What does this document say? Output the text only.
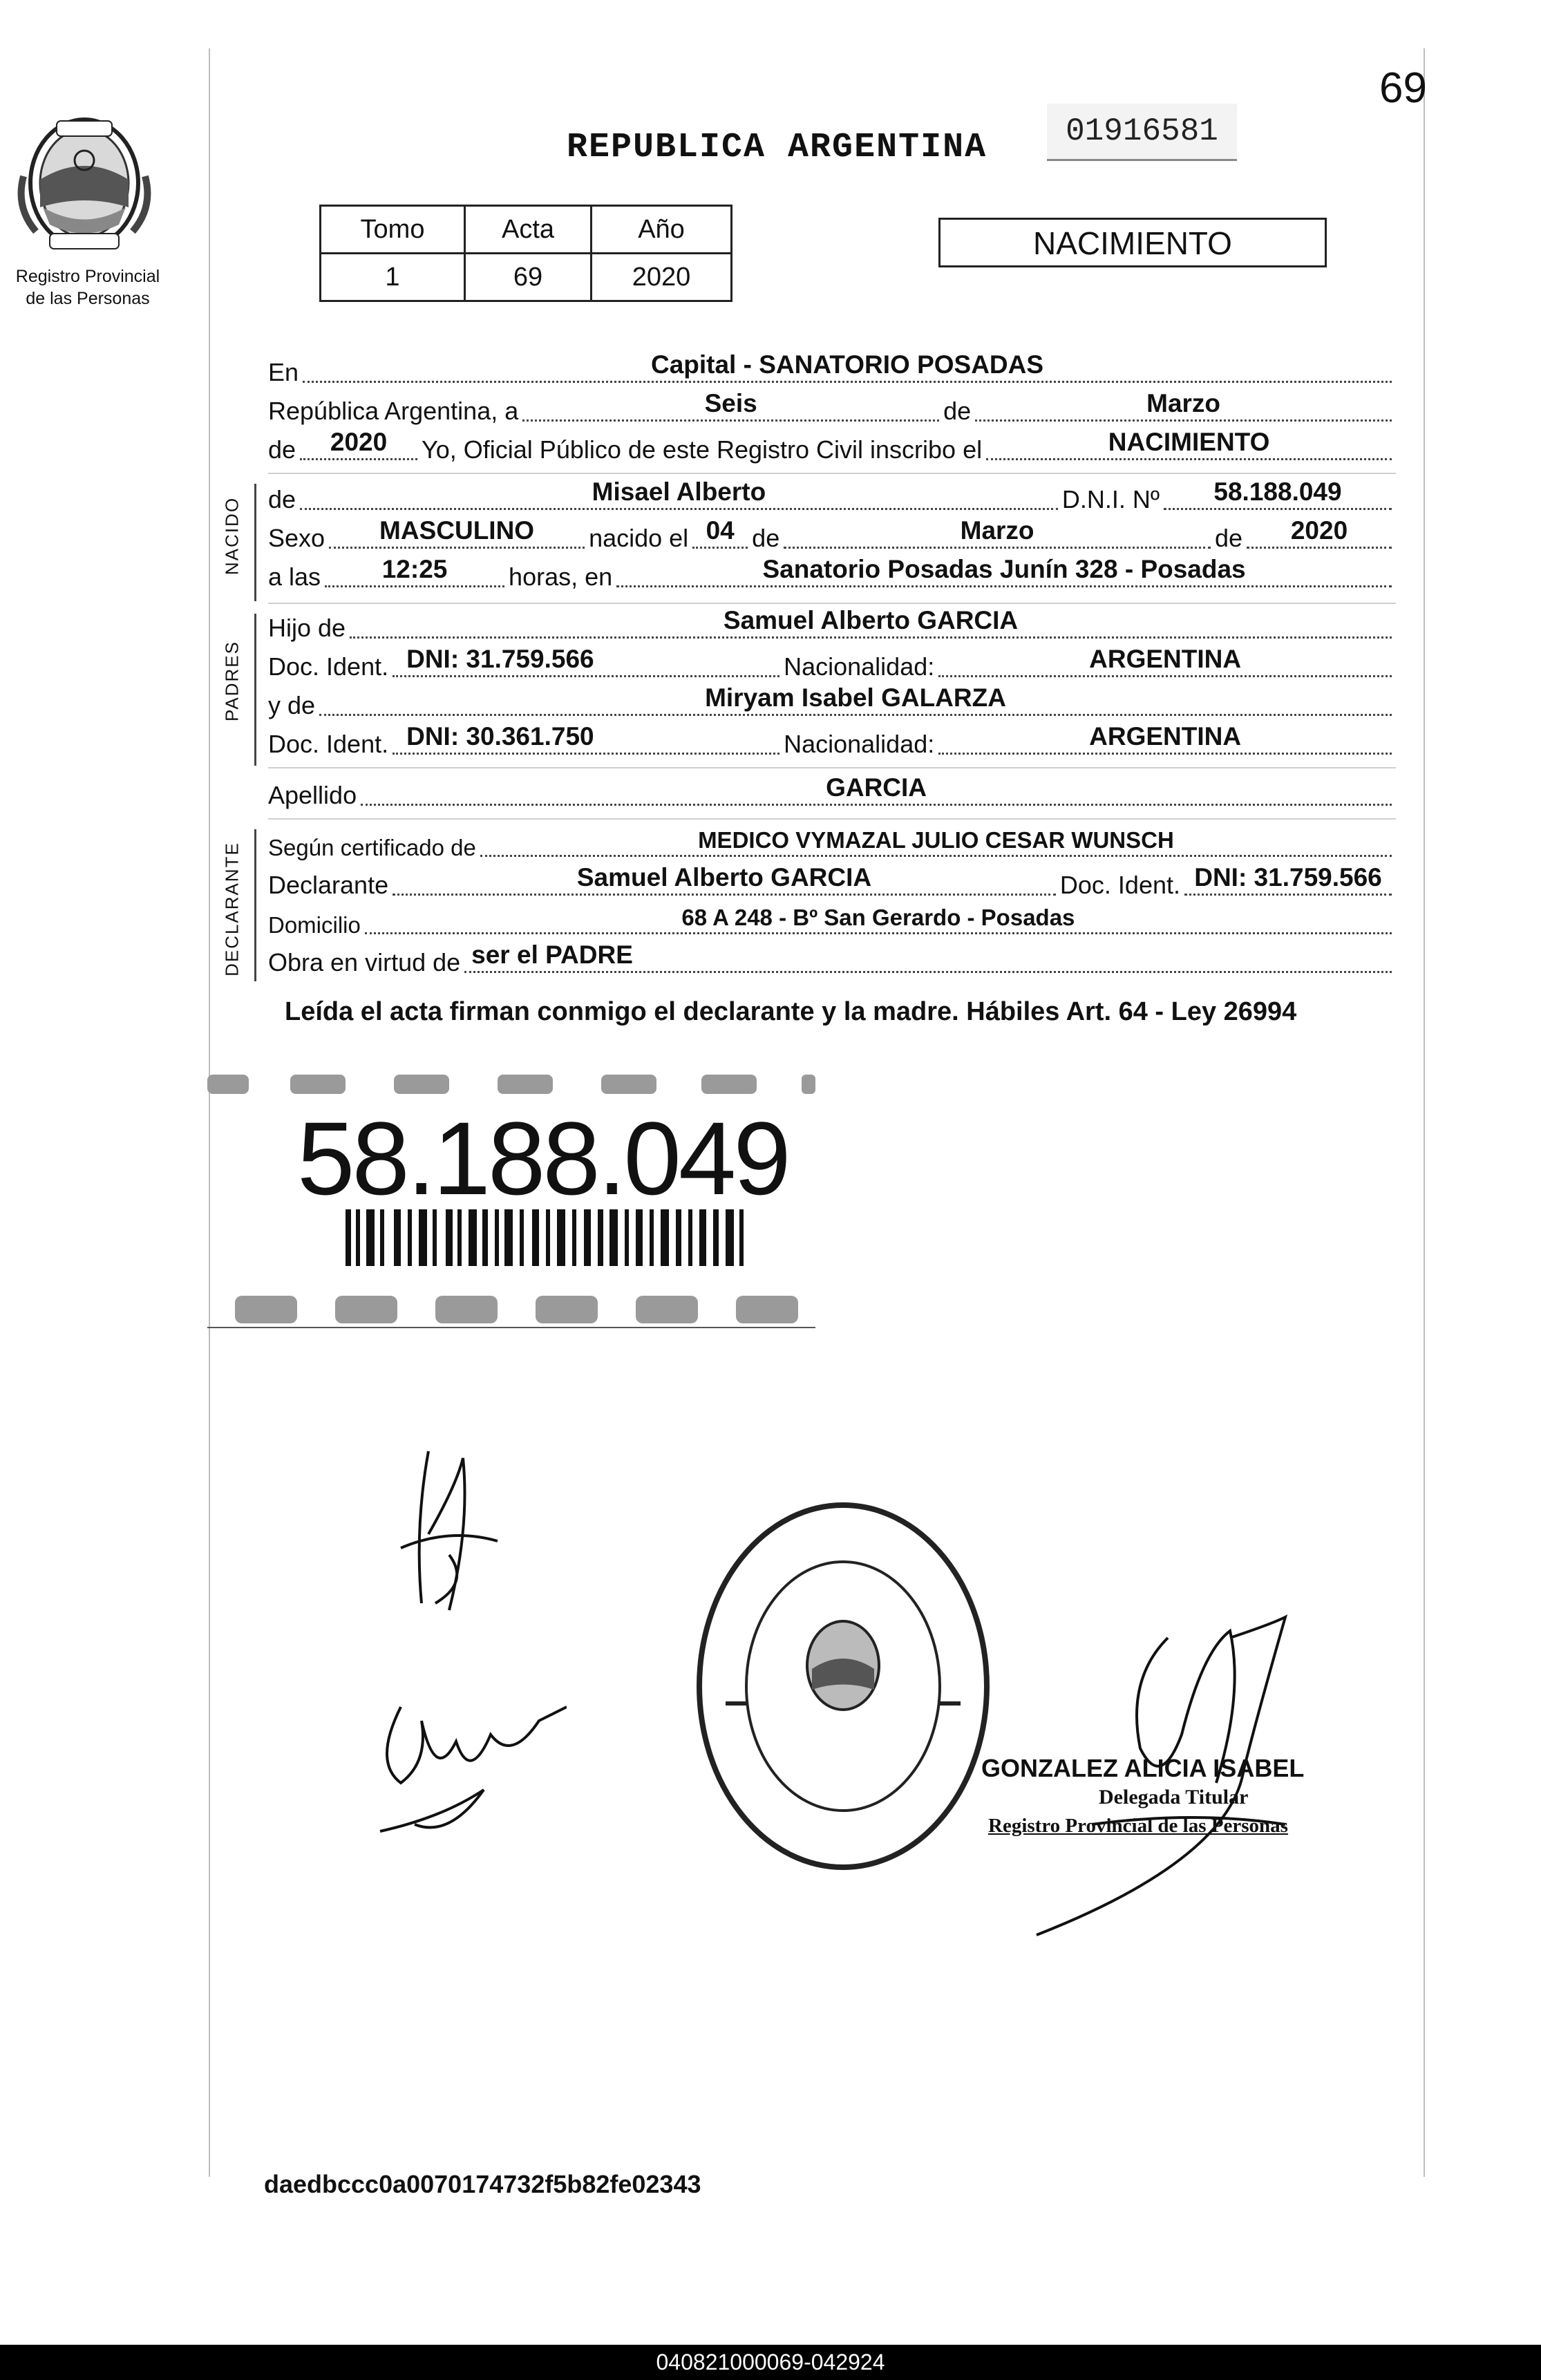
69
Registro Provincial
de las Personas
REPUBLICA ARGENTINA	01916581
Tomo	Acta	Año
1	69	2020
NACIMIENTO
En	Capital - SANATORIO POSADAS
República Argentina, a	Seis	de	Marzo
de	2020	Yo, Oficial Público de este Registro Civil inscribo el	NACIMIENTO
NACIDO de	Misael Alberto	D.N.I. Nº	58.188.049
Sexo	MASCULINO	nacido el 04 de	Marzo	de	2020
a las	12:25	horas, en	Sanatorio Posadas Junín 328 - Posadas
PADRES
Hijo de	Samuel Alberto GARCIA
Doc. Ident. DNI: 31.759.566	Nacionalidad:	ARGENTINA
y de	Miryam Isabel GALARZA
Doc. Ident. DNI: 30.361.750	Nacionalidad:	ARGENTINA
Apellido	GARCIA
DECLARANTE Según certificado de	MEDICO VYMAZAL JULIO CESAR WUNSCH
Declarante	Samuel Alberto GARCIA	Doc. Ident. DNI: 31.759.566
Domicilio	68 A 248 - Bº San Gerardo - Posadas
Obra en virtud de ser el PADRE
Leída el acta firman conmigo el declarante y la madre. Hábiles Art. 64 - Ley 26994
58.188.049
GONZALEZ ALICIA ISABEL
Delegada Titular
Registro Provincial de las Personas
daedbccc0a0070174732f5b82fe02343
040821000069-042924
